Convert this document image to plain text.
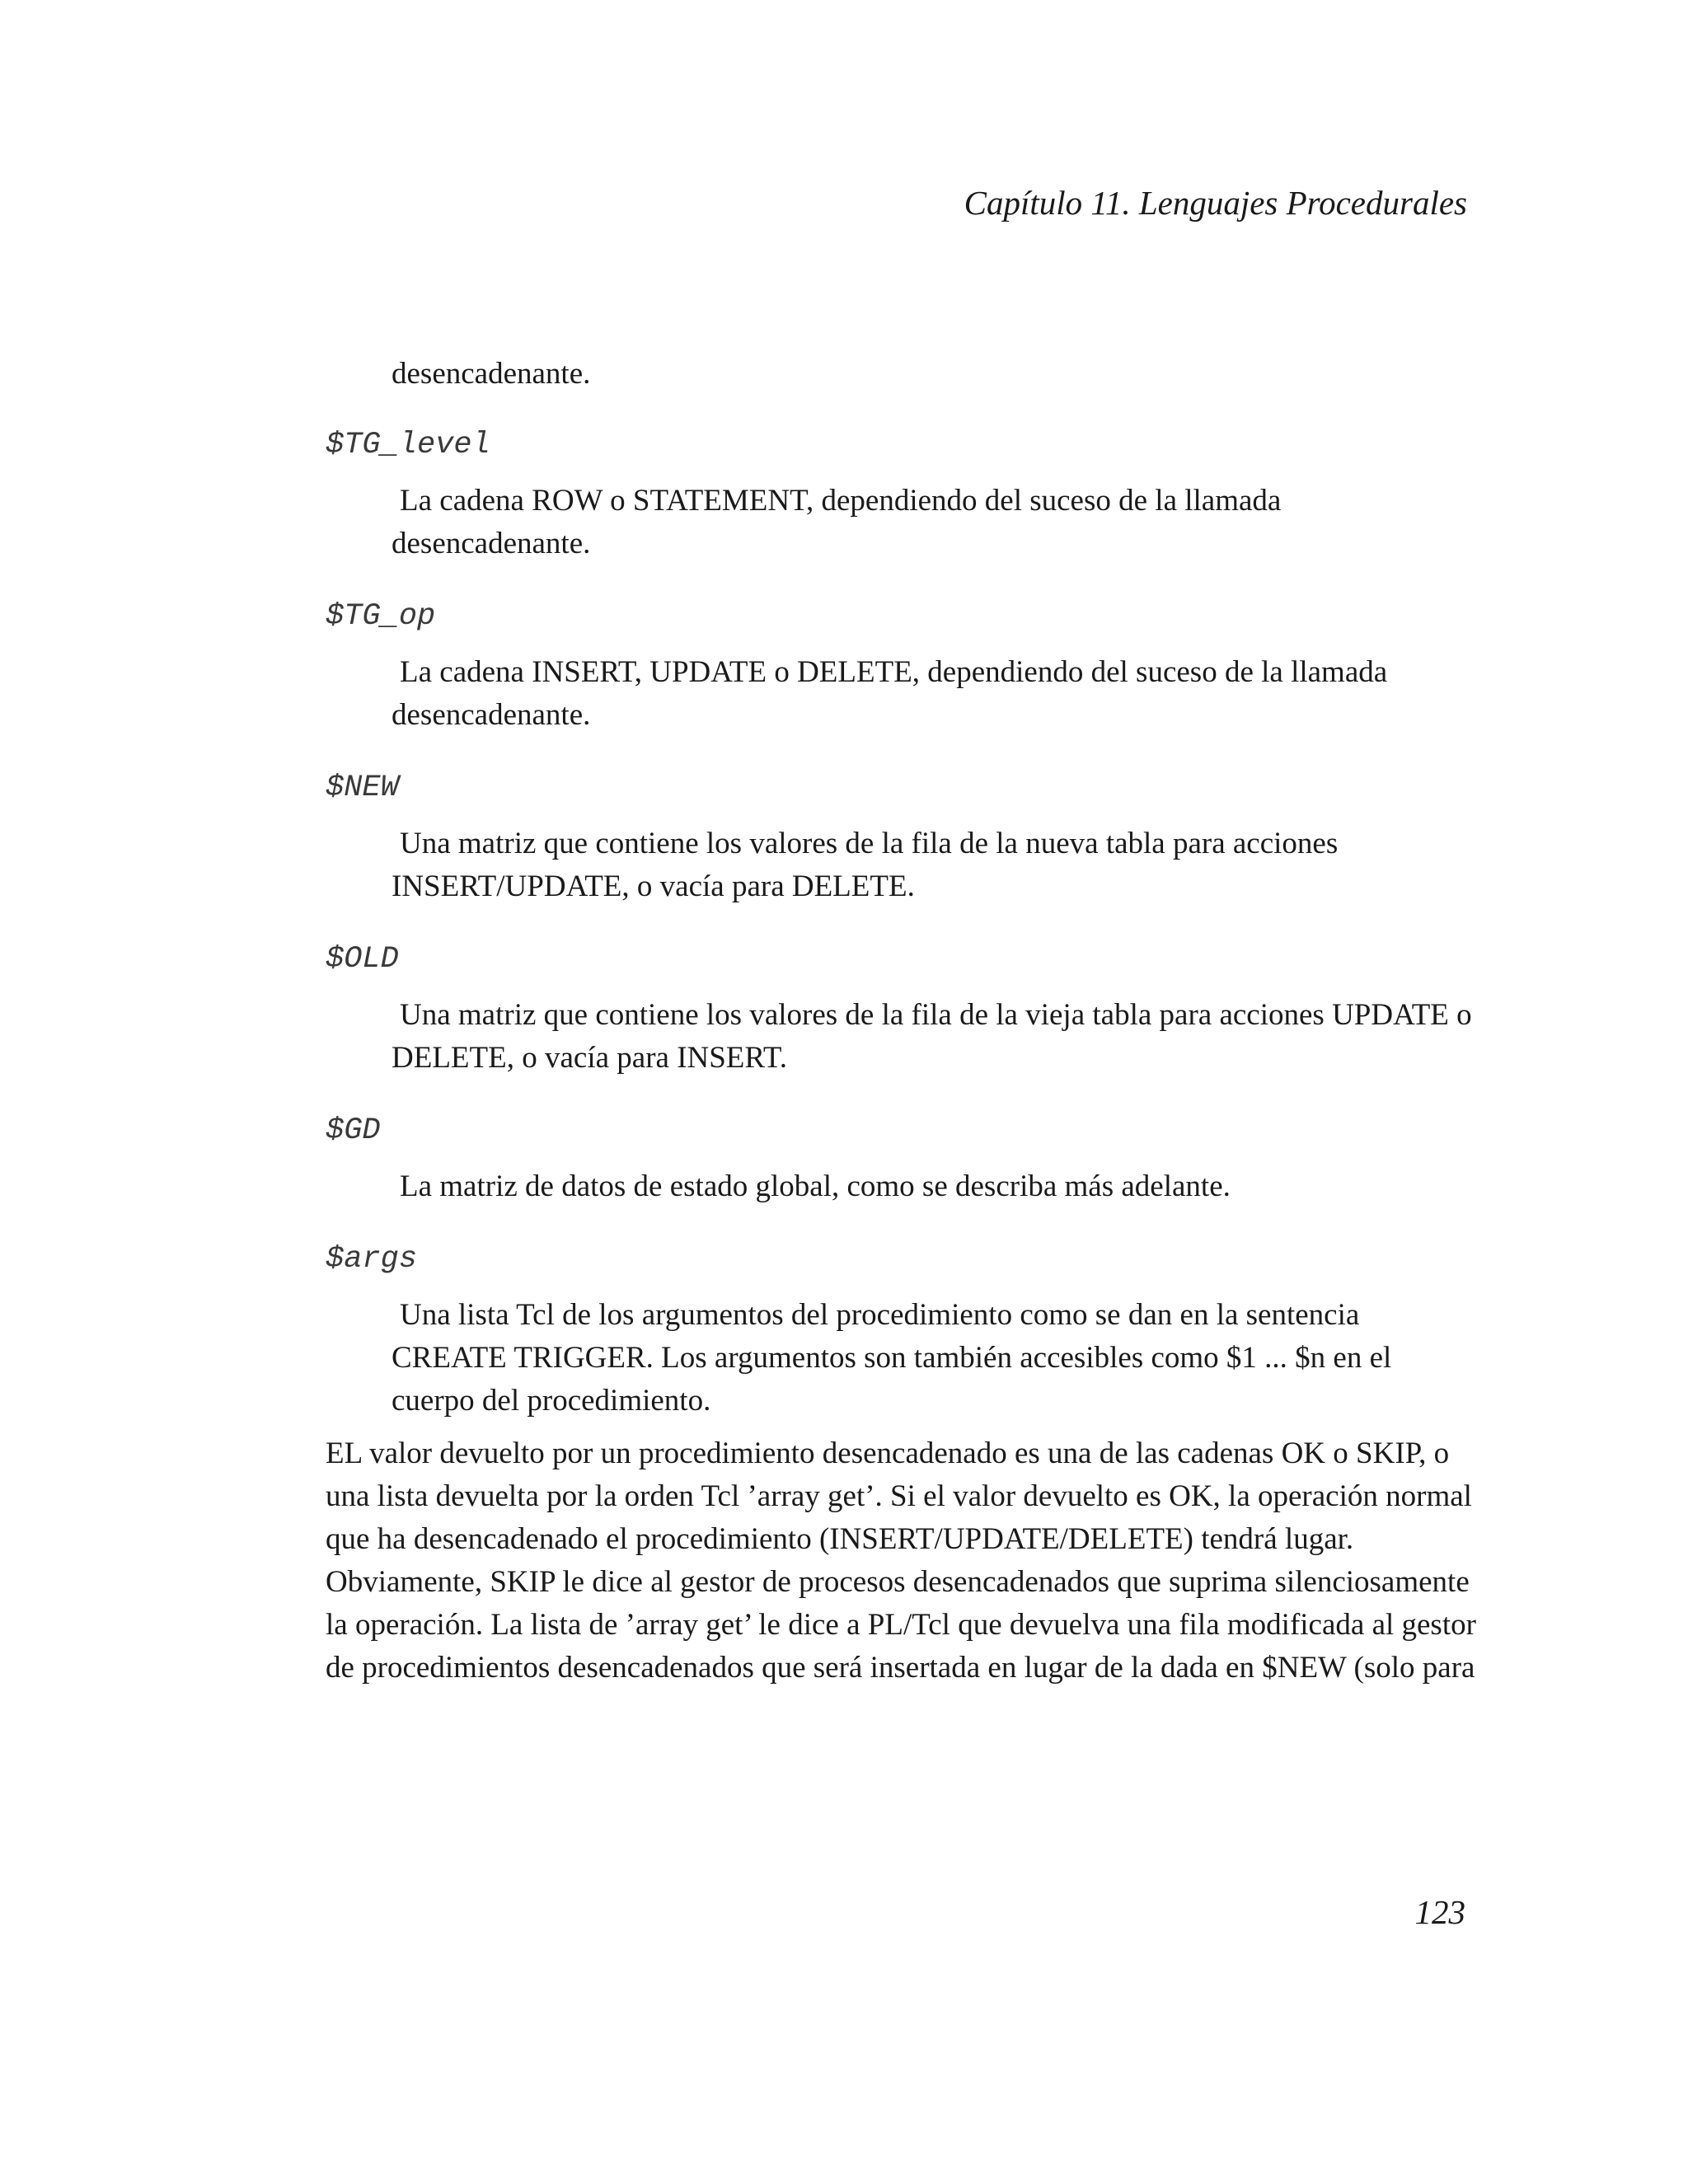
Capítulo 11. Lenguajes Procedurales
desencadenante.
$TG_level
La cadena ROW o STATEMENT, dependiendo del suceso de la llamada desencadenante.
$TG_op
La cadena INSERT, UPDATE o DELETE, dependiendo del suceso de la llamada desencadenante.
$NEW
Una matriz que contiene los valores de la fila de la nueva tabla para acciones INSERT/UPDATE, o vacía para DELETE.
$OLD
Una matriz que contiene los valores de la fila de la vieja tabla para acciones UPDATE o DELETE, o vacía para INSERT.
$GD
La matriz de datos de estado global, como se describa más adelante.
$args
Una lista Tcl de los argumentos del procedimiento como se dan en la sentencia CREATE TRIGGER. Los argumentos son también accesibles como $1 ... $n en el cuerpo del procedimiento.
EL valor devuelto por un procedimiento desencadenado es una de las cadenas OK o SKIP, o una lista devuelta por la orden Tcl ’array get’. Si el valor devuelto es OK, la operación normal que ha desencadenado el procedimiento (INSERT/UPDATE/DELETE) tendrá lugar. Obviamente, SKIP le dice al gestor de procesos desencadenados que suprima silenciosamente la operación. La lista de ’array get’ le dice a PL/Tcl que devuelva una fila modificada al gestor de procedimientos desencadenados que será insertada en lugar de la dada en $NEW (solo para
123
